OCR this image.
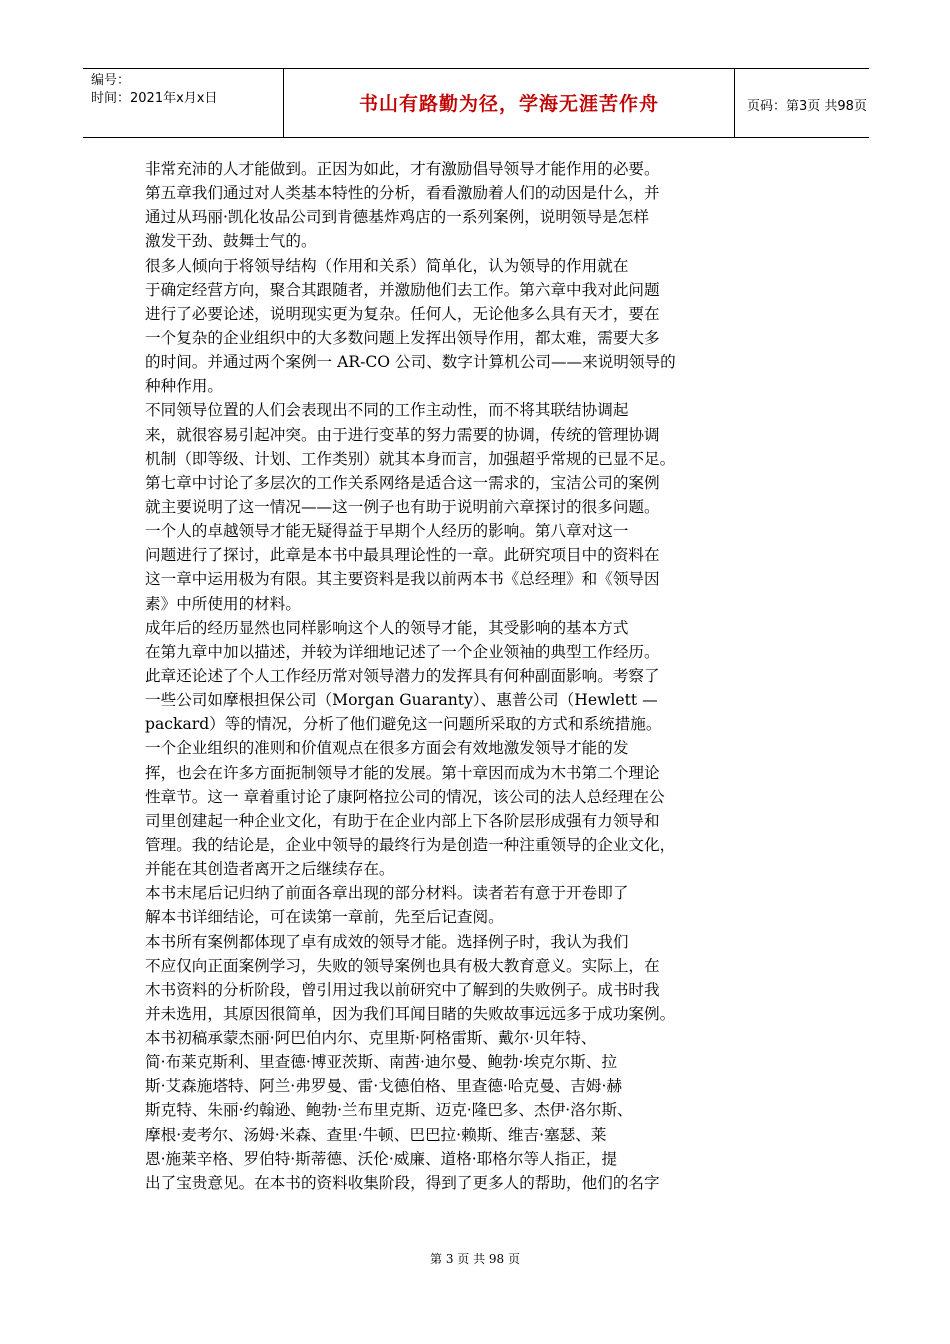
编号：
时间：2021年x月x日	书山有路勤为径，学海无涯苦作舟	页码：第3页 共98页
非常充沛的人才能做到。正因为如此，才有激励倡导领导才能作用的必要。
第五章我们通过对人类基本特性的分析，看看激励着人们的动因是什么，并
通过从玛丽·凯化妆品公司到肯德基炸鸡店的一系列案例，说明领导是怎样
激发干劲、鼓舞士气的。
很多人倾向于将领导结构（作用和关系）简单化，认为领导的作用就在
于确定经营方向，聚合其跟随者，并激励他们去工作。第六章中我对此问题
进行了必要论述，说明现实更为复杂。任何人，无论他多么具有天才，要在
一个复杂的企业组织中的大多数问题上发挥出领导作用，都太难，需要大多
的时间。并通过两个案例一 AR-CO 公司、数字计算机公司——来说明领导的
种种作用。
不同领导位置的人们会表现出不同的工作主动性，而不将其联结协调起
来，就很容易引起冲突。由于进行变革的努力需要的协调，传统的管理协调
机制（即等级、计划、工作类别）就其本身而言，加强超乎常规的已显不足。
第七章中讨论了多层次的工作关系网络是适合这一需求的，宝洁公司的案例
就主要说明了这一情况——这一例子也有助于说明前六章探讨的很多问题。
一个人的卓越领导才能无疑得益于早期个人经历的影响。第八章对这一
问题进行了探讨，此章是本书中最具理论性的一章。此研究项目中的资料在
这一章中运用极为有限。其主要资料是我以前两本书《总经理》和《领导因
素》中所使用的材料。
成年后的经历显然也同样影响这个人的领导才能，其受影响的基本方式
在第九章中加以描述，并较为详细地记述了一个企业领袖的典型工作经历。
此章还论述了个人工作经历常对领导潜力的发挥具有何种副面影响。考察了
一些公司如摩根担保公司（Morgan Guaranty）、惠普公司（Hewlett —
packard）等的情况，分析了他们避免这一问题所采取的方式和系统措施。
一个企业组织的准则和价值观点在很多方面会有效地激发领导才能的发
挥，也会在许多方面扼制领导才能的发展。第十章因而成为木书第二个理论
性章节。这一 章着重讨论了康阿格拉公司的情况，该公司的法人总经理在公
司里创建起一种企业文化，有助于在企业内部上下各阶层形成强有力领导和
管理。我的结论是，企业中领导的最终行为是创造一种注重领导的企业文化，
并能在其创造者离开之后继续存在。
本书末尾后记归纳了前面各章出现的部分材料。读者若有意于开卷即了
解本书详细结论，可在读第一章前，先至后记查阅。
本书所有案例都体现了卓有成效的领导才能。选择例子时，我认为我们
不应仅向正面案例学习，失败的领导案例也具有极大教育意义。实际上，在
木书资料的分析阶段，曾引用过我以前研究中了解到的失败例子。成书时我
并未选用，其原因很简单，因为我们耳闻目睹的失败故事远远多于成功案例。
本书初稿承蒙杰丽·阿巴伯内尔、克里斯·阿格雷斯、戴尔·贝年特、
简·布莱克斯利、里查德·博亚茨斯、南茜·迪尔曼、鲍勃·埃克尔斯、拉
斯·艾森施塔特、阿兰·弗罗曼、雷·戈德伯格、里查德·哈克曼、吉姆·赫
斯克特、朱丽·约翰逊、鲍勃·兰布里克斯、迈克·隆巴多、杰伊·洛尔斯、
摩根·麦考尔、汤姆·米森、查里·牛顿、巴巴拉·赖斯、维吉·塞瑟、莱
恩·施莱辛格、罗伯特·斯蒂德、沃伦·威廉、道格·耶格尔等人指正，提
出了宝贵意见。在本书的资料收集阶段，得到了更多人的帮助，他们的名字
第 3 页 共 98 页
